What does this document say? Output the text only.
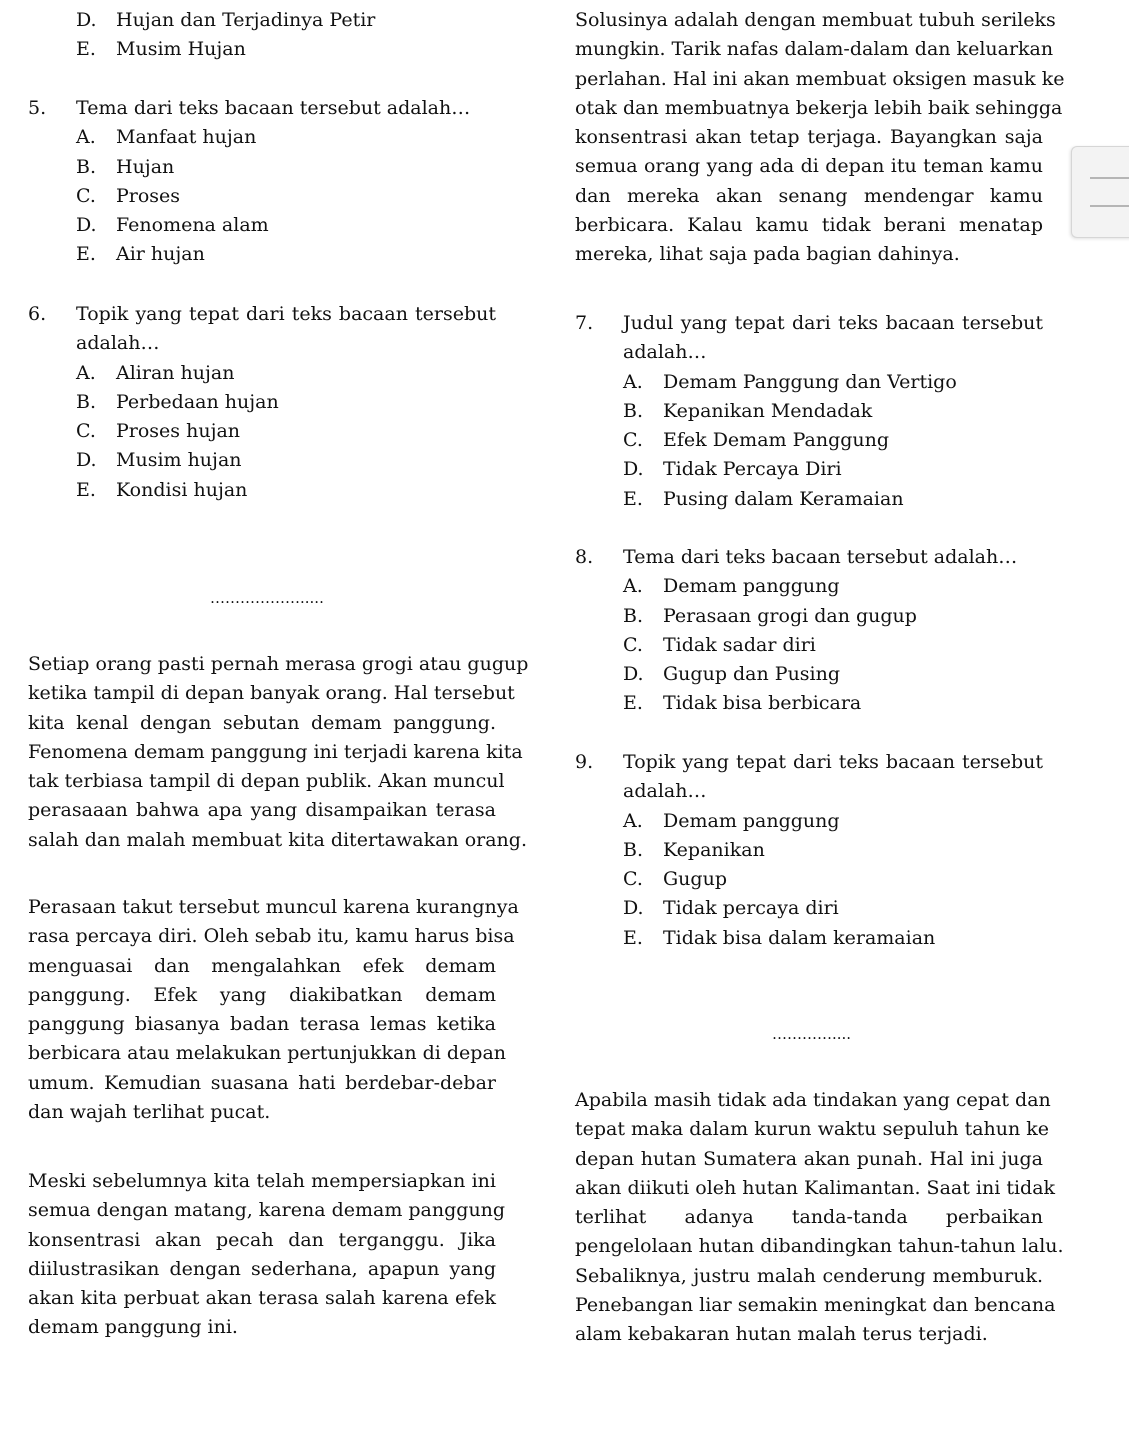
D. Hujan dan Terjadinya Petir
E. Musim Hujan
5. Tema dari teks bacaan tersebut adalah…
A. Manfaat hujan
B. Hujan
C. Proses
D. Fenomena alam
E. Air hujan
6. Topik yang tepat dari teks bacaan tersebut
adalah…
A. Aliran hujan
B. Perbedaan hujan
C. Proses hujan
D. Musim hujan
E. Kondisi hujan
……………….....
Setiap orang pasti pernah merasa grogi atau gugup
ketika tampil di depan banyak orang. Hal tersebut
kita kenal dengan sebutan demam panggung.
Fenomena demam panggung ini terjadi karena kita
tak terbiasa tampil di depan publik. Akan muncul
perasaaan bahwa apa yang disampaikan terasa
salah dan malah membuat kita ditertawakan orang.
Perasaan takut tersebut muncul karena kurangnya
rasa percaya diri. Oleh sebab itu, kamu harus bisa
menguasai dan mengalahkan efek demam
panggung. Efek yang diakibatkan demam
panggung biasanya badan terasa lemas ketika
berbicara atau melakukan pertunjukkan di depan
umum. Kemudian suasana hati berdebar-debar
dan wajah terlihat pucat.
Meski sebelumnya kita telah mempersiapkan ini
semua dengan matang, karena demam panggung
konsentrasi akan pecah dan terganggu. Jika
diilustrasikan dengan sederhana, apapun yang
akan kita perbuat akan terasa salah karena efek
demam panggung ini.
Solusinya adalah dengan membuat tubuh serileks
mungkin. Tarik nafas dalam-dalam dan keluarkan
perlahan. Hal ini akan membuat oksigen masuk ke
otak dan membuatnya bekerja lebih baik sehingga
konsentrasi akan tetap terjaga. Bayangkan saja
semua orang yang ada di depan itu teman kamu
dan mereka akan senang mendengar kamu
berbicara. Kalau kamu tidak berani menatap
mereka, lihat saja pada bagian dahinya.
7. Judul yang tepat dari teks bacaan tersebut
adalah…
A. Demam Panggung dan Vertigo
B. Kepanikan Mendadak
C. Efek Demam Panggung
D. Tidak Percaya Diri
E. Pusing dalam Keramaian
8. Tema dari teks bacaan tersebut adalah…
A. Demam panggung
B. Perasaan grogi dan gugup
C. Tidak sadar diri
D. Gugup dan Pusing
E. Tidak bisa berbicara
9. Topik yang tepat dari teks bacaan tersebut
adalah…
A. Demam panggung
B. Kepanikan
C. Gugup
D. Tidak percaya diri
E. Tidak bisa dalam keramaian
…………....
Apabila masih tidak ada tindakan yang cepat dan
tepat maka dalam kurun waktu sepuluh tahun ke
depan hutan Sumatera akan punah. Hal ini juga
akan diikuti oleh hutan Kalimantan. Saat ini tidak
terlihat adanya tanda-tanda perbaikan
pengelolaan hutan dibandingkan tahun-tahun lalu.
Sebaliknya, justru malah cenderung memburuk.
Penebangan liar semakin meningkat dan bencana
alam kebakaran hutan malah terus terjadi.
